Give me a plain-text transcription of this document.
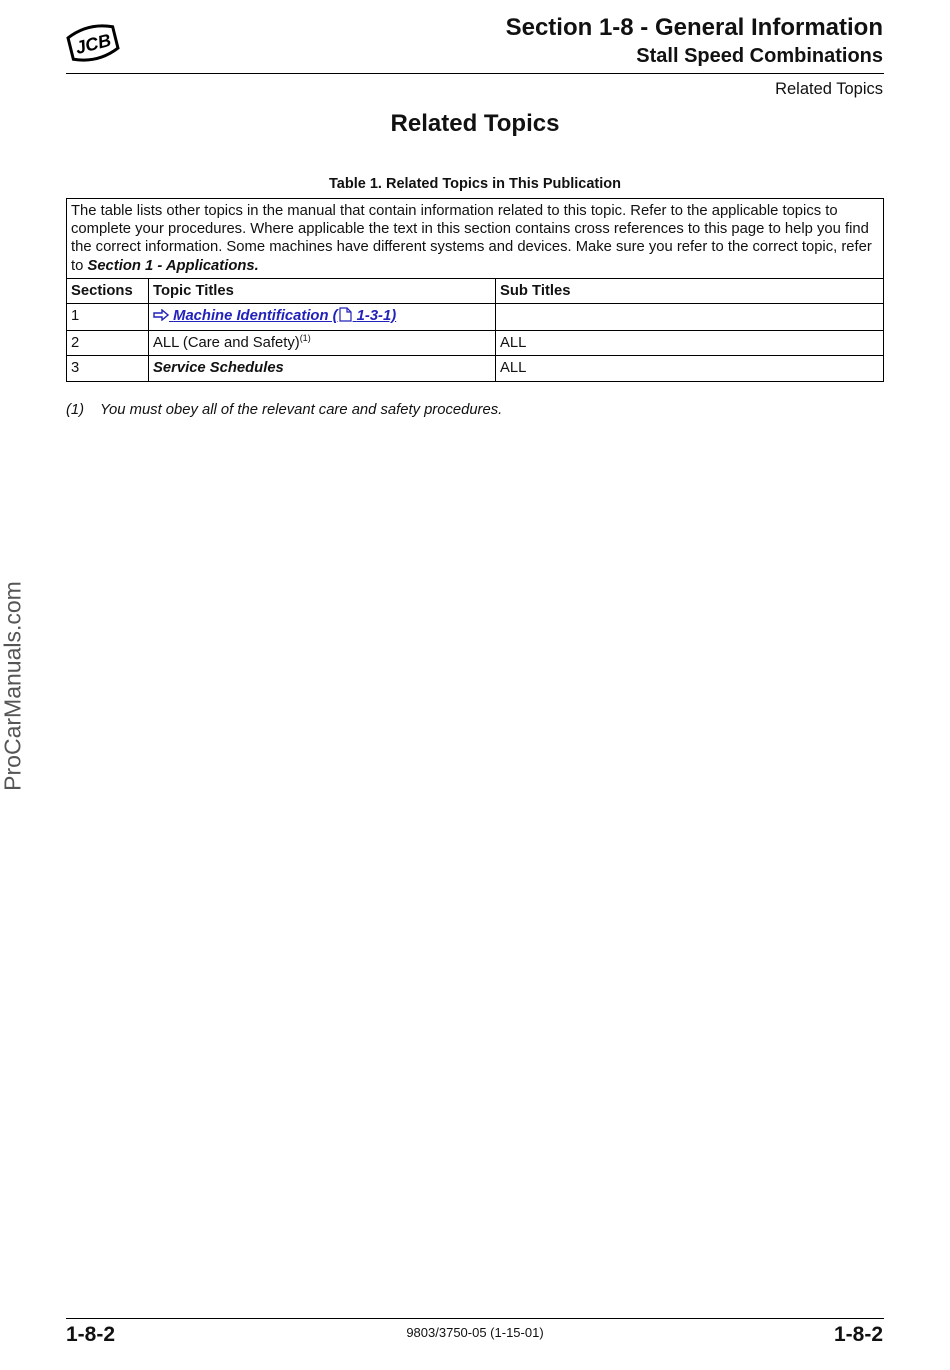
JCB
Section 1-8 - General Information
Stall Speed Combinations
Related Topics
Related Topics
Table 1. Related Topics in This Publication
The table lists other topics in the manual that contain information related to this topic. Refer to the applicable topics to complete your procedures. Where applicable the text in this section contains cross references to this page to help you find the correct information. Some machines have different systems and devices. Make sure you refer to the correct topic, refer to Section 1 - Applications.		
Sections	Topic Titles	Sub Titles
1	Machine Identification ( 1-3-1)	
2	ALL (Care and Safety)$^{(1)}$	ALL
3	Service Schedules	ALL
(1) You must obey all of the relevant care and safety procedures.
ProCarManuals.com
1-8-2	9803/3750-05 (1-15-01)	1-8-2
